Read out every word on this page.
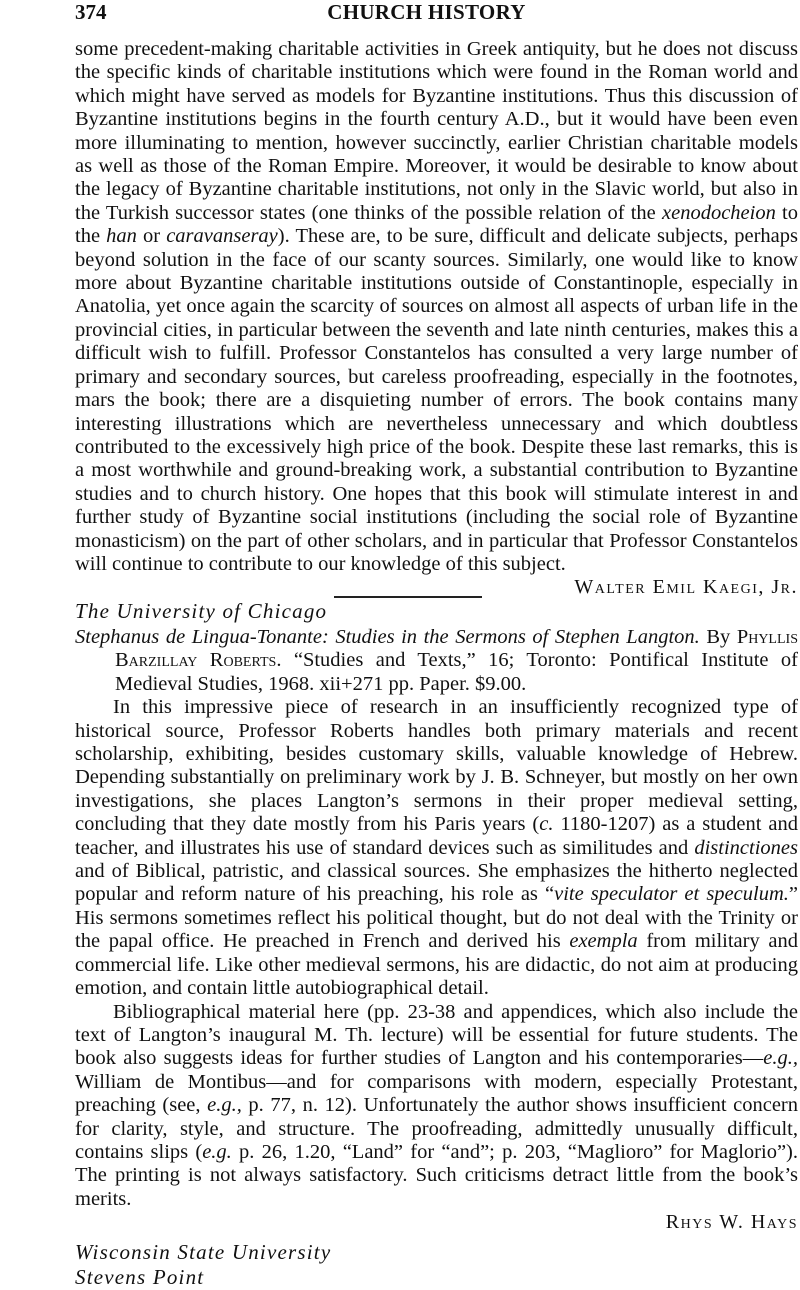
374	CHURCH HISTORY

some precedent-making charitable activities in Greek antiquity, but he does not discuss the specific kinds of charitable institutions which were found in the Roman world and which might have served as models for Byzantine institutions. Thus this discussion of Byzantine institutions begins in the fourth century A.D., but it would have been even more illuminating to mention, however succinctly, earlier Christian charitable models as well as those of the Roman Empire. Moreover, it would be desirable to know about the legacy of Byzantine charitable institutions, not only in the Slavic world, but also in the Turkish successor states (one thinks of the possible relation of the xenodocheion to the han or caravanseray). These are, to be sure, difficult and delicate subjects, perhaps beyond solution in the face of our scanty sources. Similarly, one would like to know more about Byzantine charitable institutions outside of Constantinople, especially in Anatolia, yet once again the scarcity of sources on almost all aspects of urban life in the provincial cities, in particular between the seventh and late ninth centuries, makes this a difficult wish to fulfill. Professor Constantelos has consulted a very large number of primary and secondary sources, but careless proofreading, especially in the footnotes, mars the book; there are a disquieting number of errors. The book contains many interesting illustrations which are nevertheless unnecessary and which doubtless contributed to the excessively high price of the book. Despite these last remarks, this is a most worthwhile and ground-breaking work, a substantial contribution to Byzantine studies and to church history. One hopes that this book will stimulate interest in and further study of Byzantine social institutions (including the social role of Byzantine monasticism) on the part of other scholars, and in particular that Professor Constantelos will continue to contribute to our knowledge of this subject.

Walter Emil Kaegi, Jr.

The University of Chicago

Stephanus de Lingua-Tonante: Studies in the Sermons of Stephen Langton. By Phyllis Barzillay Roberts. “Studies and Texts,” 16; Toronto: Pontifical Institute of Medieval Studies, 1968. xii+271 pp. Paper. $9.00.

In this impressive piece of research in an insufficiently recognized type of historical source, Professor Roberts handles both primary materials and recent scholarship, exhibiting, besides customary skills, valuable knowledge of Hebrew. Depending substantially on preliminary work by J. B. Schneyer, but mostly on her own investigations, she places Langton’s sermons in their proper medieval setting, concluding that they date mostly from his Paris years (c. 1180-1207) as a student and teacher, and illustrates his use of standard devices such as similitudes and distinctiones and of Biblical, patristic, and classical sources. She emphasizes the hitherto neglected popular and reform nature of his preaching, his role as “vite speculator et speculum.” His sermons sometimes reflect his political thought, but do not deal with the Trinity or the papal office. He preached in French and derived his exempla from military and commercial life. Like other medieval sermons, his are didactic, do not aim at producing emotion, and contain little autobiographical detail.

Bibliographical material here (pp. 23-38 and appendices, which also include the text of Langton’s inaugural M. Th. lecture) will be essential for future students. The book also suggests ideas for further studies of Langton and his contemporaries—e.g., William de Montibus—and for comparisons with modern, especially Protestant, preaching (see, e.g., p. 77, n. 12). Unfortunately the author shows insufficient concern for clarity, style, and structure. The proofreading, admittedly unusually difficult, contains slips (e.g. p. 26, 1.20, “Land” for “and”; p. 203, “Maglioro” for Maglorio”). The printing is not always satisfactory. Such criticisms detract little from the book’s merits.

Rhys W. Hays

Wisconsin State University

Stevens Point
